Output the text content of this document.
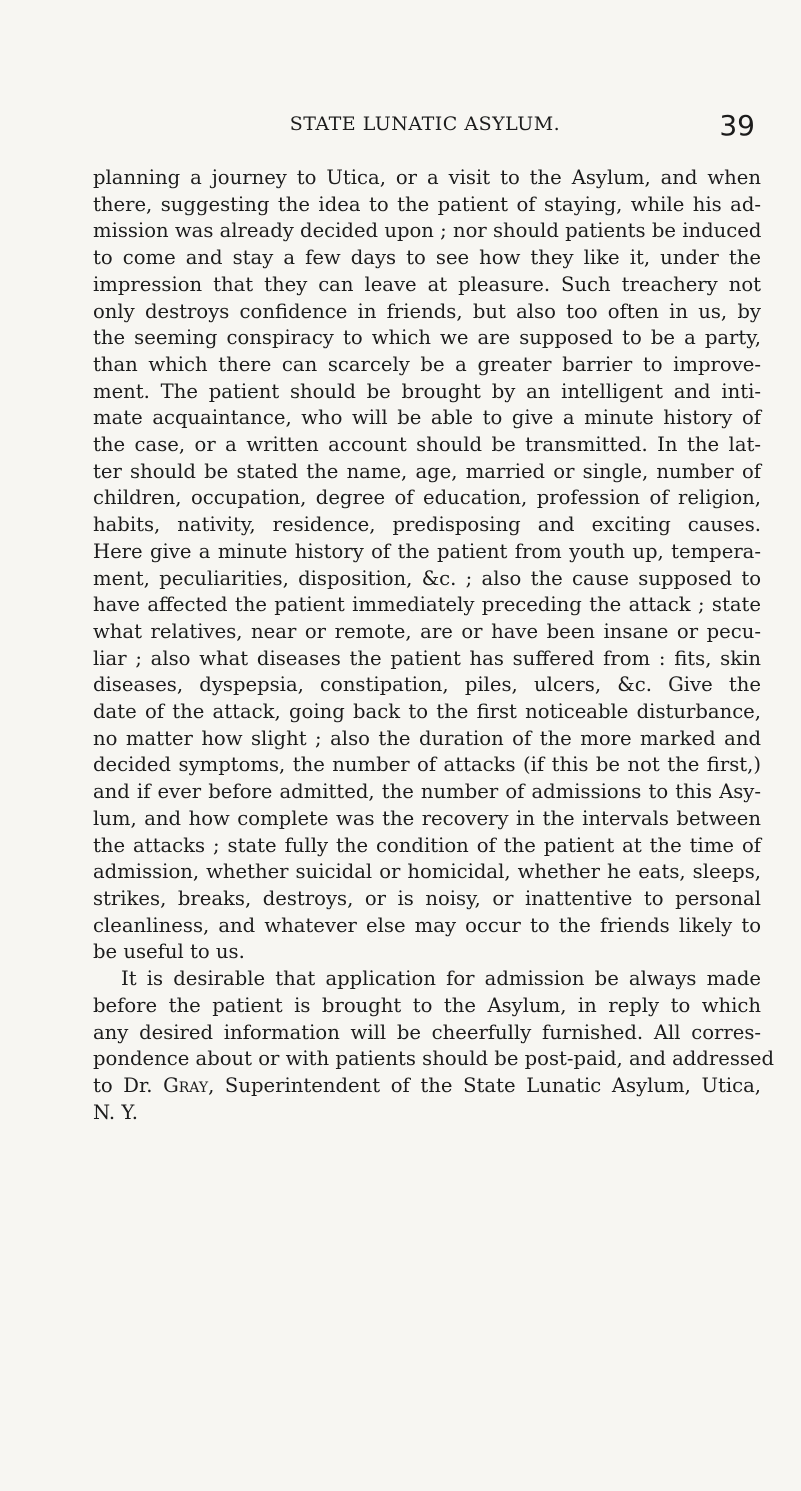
STATE LUNATIC ASYLUM.	39
planning a journey to Utica, or a visit to the Asylum, and when
there, suggesting the idea to the patient of staying, while his ad-
mission was already decided upon ; nor should patients be induced
to come and stay a few days to see how they like it, under the
impression that they can leave at pleasure. Such treachery not
only destroys confidence in friends, but also too often in us, by
the seeming conspiracy to which we are supposed to be a party,
than which there can scarcely be a greater barrier to improve-
ment. The patient should be brought by an intelligent and inti-
mate acquaintance, who will be able to give a minute history of
the case, or a written account should be transmitted. In the lat-
ter should be stated the name, age, married or single, number of
children, occupation, degree of education, profession of religion,
habits, nativity, residence, predisposing and exciting causes.
Here give a minute history of the patient from youth up, tempera-
ment, peculiarities, disposition, &c. ; also the cause supposed to
have affected the patient immediately preceding the attack ; state
what relatives, near or remote, are or have been insane or pecu-
liar ; also what diseases the patient has suffered from : fits, skin
diseases, dyspepsia, constipation, piles, ulcers, &c. Give the
date of the attack, going back to the first noticeable disturbance,
no matter how slight ; also the duration of the more marked and
decided symptoms, the number of attacks (if this be not the first,)
and if ever before admitted, the number of admissions to this Asy-
lum, and how complete was the recovery in the intervals between
the attacks ; state fully the condition of the patient at the time of
admission, whether suicidal or homicidal, whether he eats, sleeps,
strikes, breaks, destroys, or is noisy, or inattentive to personal
cleanliness, and whatever else may occur to the friends likely to
be useful to us.
It is desirable that application for admission be always made
before the patient is brought to the Asylum, in reply to which
any desired information will be cheerfully furnished. All corres-
pondence about or with patients should be post-paid, and addressed
to Dr. Gray, Superintendent of the State Lunatic Asylum, Utica,
N. Y.
